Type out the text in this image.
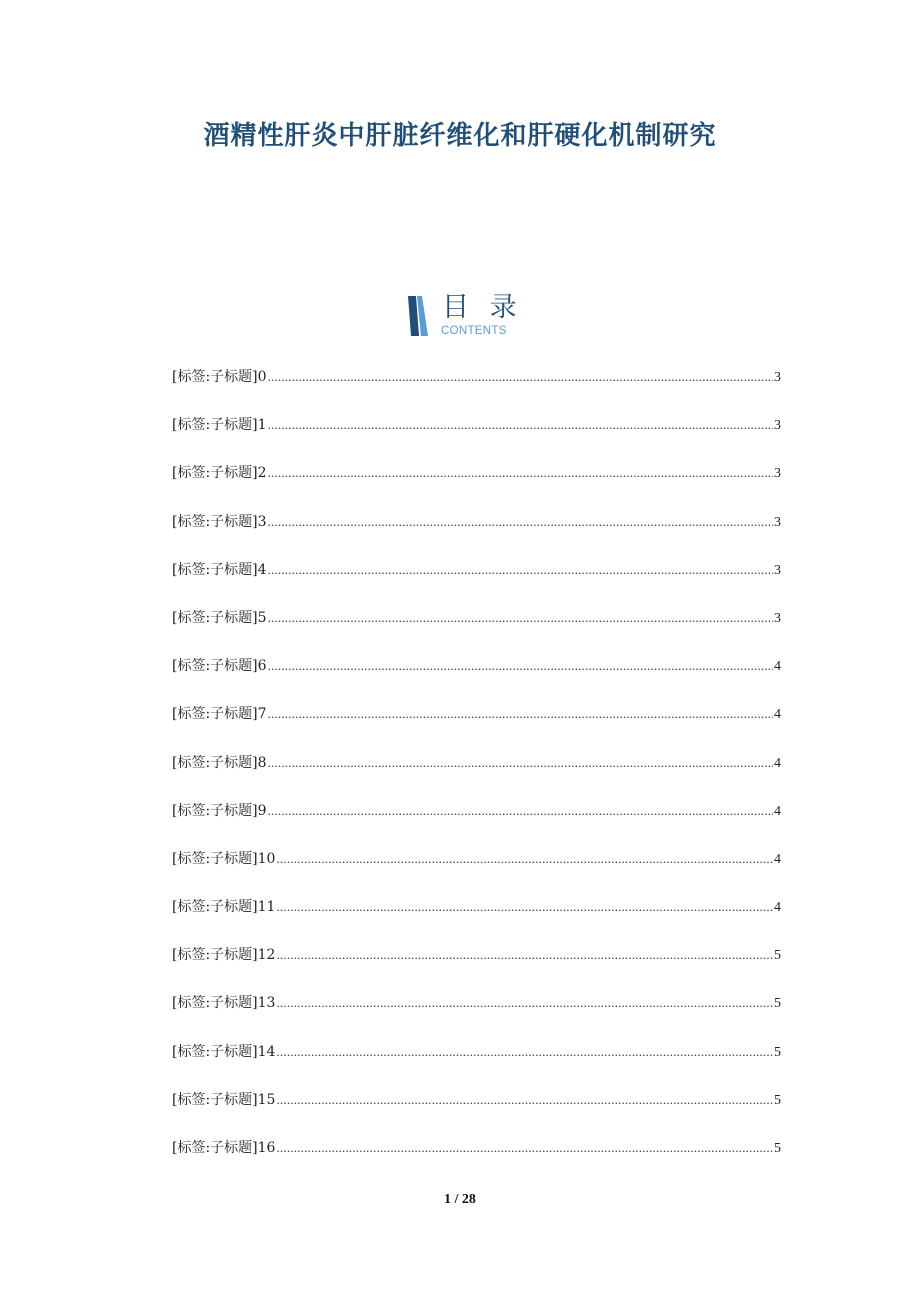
酒精性肝炎中肝脏纤维化和肝硬化机制研究
目 录
CONTENTS
[标签:子标题]0 .....	3
[标签:子标题]1 .....	3
[标签:子标题]2 .....	3
[标签:子标题]3 .....	3
[标签:子标题]4 .....	3
[标签:子标题]5 .....	3
[标签:子标题]6 .....	4
[标签:子标题]7 .....	4
[标签:子标题]8 .....	4
[标签:子标题]9 .....	4
[标签:子标题]10 .....	4
[标签:子标题]11 .....	4
[标签:子标题]12 .....	5
[标签:子标题]13 .....	5
[标签:子标题]14 .....	5
[标签:子标题]15 .....	5
[标签:子标题]16 .....	5
1 / 28
